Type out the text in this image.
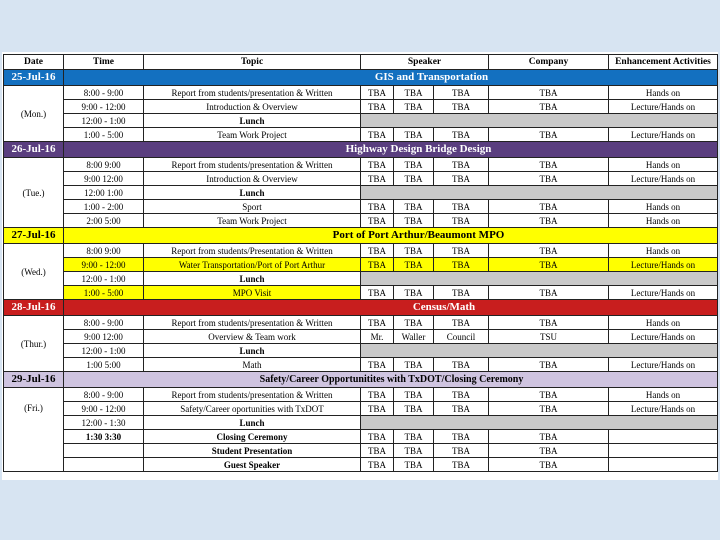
Date	Time	Topic	Speaker			Company	Enhancement Activities
25-Jul-16	GIS and Transportation						
(Mon.)	8:00 - 9:00	Report from students/presentation & Written	TBA	TBA	TBA	TBA	Hands on
	9:00 - 12:00	Introduction & Overview	TBA	TBA	TBA	TBA	Lecture/Hands on
	12:00 - 1:00	Lunch					
	1:00 - 5:00	Team Work Project	TBA	TBA	TBA	TBA	Lecture/Hands on
26-Jul-16	Highway Design Bridge Design						
(Tue.)	8:00 9:00	Report from students/presentation & Written	TBA	TBA	TBA	TBA	Hands on
	9:00 12:00	Introduction & Overview	TBA	TBA	TBA	TBA	Lecture/Hands on
	12:00 1:00	Lunch					
	1:00 - 2:00	Sport	TBA	TBA	TBA	TBA	Hands on
	2:00 5:00	Team Work Project	TBA	TBA	TBA	TBA	Hands on
27-Jul-16	Port of Port Arthur/Beaumont MPO						
(Wed.)	8:00 9:00	Report from students/Presentation & Written	TBA	TBA	TBA	TBA	Hands on
	9:00 - 12:00	Water Transportation/Port of Port Arthur	TBA	TBA	TBA	TBA	Lecture/Hands on
	12:00 - 1:00	Lunch					
	1:00 - 5:00	MPO Visit	TBA	TBA	TBA	TBA	Lecture/Hands on
28-Jul-16	Census/Math						
(Thur.)	8:00 - 9:00	Report from students/presentation & Written	TBA	TBA	TBA	TBA	Hands on
	9:00 12:00	Overview & Team work	Mr.	Waller	Council	TSU	Lecture/Hands on
	12:00 - 1:00	Lunch					
	1:00 5:00	Math	TBA	TBA	TBA	TBA	Lecture/Hands on
29-Jul-16	Safety/Career Opportunitites with TxDOT/Closing Ceremony						
(Fri.)	8:00 - 9:00	Report from students/presentation & Written	TBA	TBA	TBA	TBA	Hands on
	9:00 - 12:00	Safety/Career oportunities with TxDOT	TBA	TBA	TBA	TBA	Lecture/Hands on
	12:00 - 1:30	Lunch					
	1:30 3:30	Closing Ceremony	TBA	TBA	TBA	TBA	
		Student Presentation	TBA	TBA	TBA	TBA	
		Guest Speaker	TBA	TBA	TBA	TBA	
